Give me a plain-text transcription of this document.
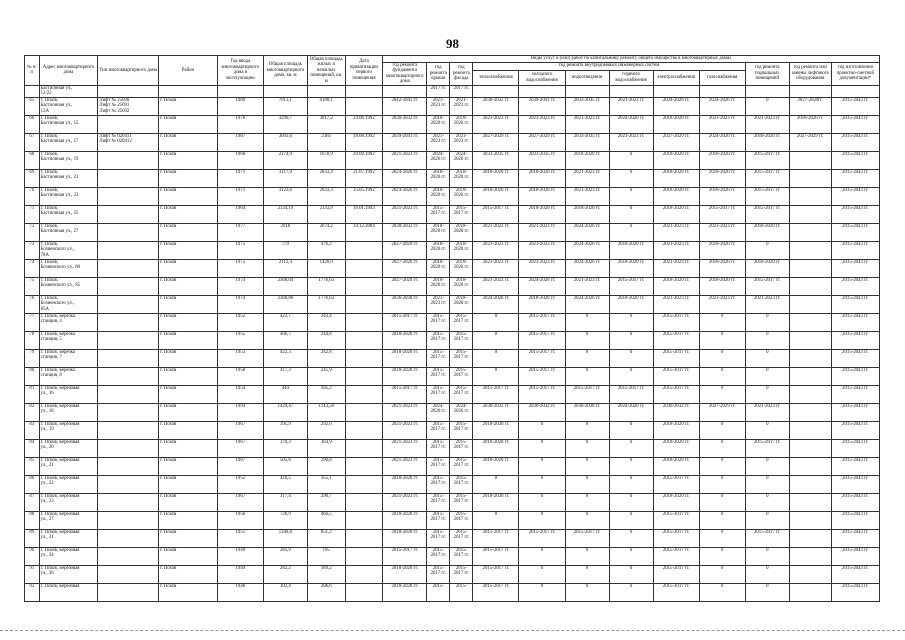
98
№ п/п	Адрес многоквартирного дома	Тип многоквартирного дома	Район	Год ввода многоквартирного дома в эксплуатацию	Общая площадь многоквартирного дома, кв. м	Общая площадь жилых и нежилых помещений, кв. м	Дата приватизации первого помещения	Виды услуг и (или) работ по капитальному ремонту общего имущества в многоквартирных домах											
								год ремонта фундамента многоквартирного дома	год ремонта крыши	год ремонта фасада	год ремонта внутридомовых инженерных систем						год ремонта подвальных помещений	год ремонта или замены лифтового оборудования	год изготовления проектно-сметной документации*
											теплоснабжения	холодного водоснабжения	водоотведения	горячего водоснабжения	электроснабжения	газоснабжения			

	Бастионная ул.,
12/22								2017 гг.	2017 гг.									
65	г. Псков,
Бастионная ул.,
13А	Лифт № 25690
Лифт № 25691
Лифт № 25692	г. Псков	1989	7013,1	6180,1		2042-2043 гг.	2021-2023 гг.	2021-2023 гг.	2030-2032 гг.	2039-2041 гг.	2033-2035 гг.	2021-2023 гг.	2024-2026 гг.	2024-2026 гг.	0	2027-2029гг.	2015-2043 гг.
66	г. Псков,
Бастионная ул., 15		г. Псков	1976	3290,7	3017,2	24.06.1992	2030-2032 гг.	2018-2020 гг.	2018-2020 гг.	2021-2023 гг.	2021-2023 гг.	2021-2023 гг.	2024-2026 гг.	2018-2020 гг.	2021-2023 гг.	2021-2023 гг.	2018-2020 гг.	2015-2043 гг.
67	г. Псков,
Бастионная ул., 17	Лифт № 020411
Лифт № 020412	г. Псков	1987	3692,6	2385	18.08.1992	2039-2041 гг.	2021-2023 гг.	2021-2023 гг.	2027-2029 гг.	2027-2029 гг.	2033-2035 гг.	2021-2023 гг.	2027-2029 гг.	2024-2026 гг.	2018-2020 гг.	2027-2029 гг.	2015-2043 гг.
68	г. Псков,
Бастионная ул., 19		г. Псков	1968	2274,9	1678,9	29.09.1992	2021-2023 гг.	2024-2026 гг.	2024-2026 гг.	2033-2035 гг.	2033-2035 гг.	2018-2020 гг.	0	2018-2020 гг.	2018-2020 гг.	2015-2017 гг.		2015-2043 гг.
69	г. Псков,
Бастионная ул., 21		г. Псков	1971	3117,9	2833,4	21.07.1992	2024-2026 гг.	2018-2020 гг.	2018-2020 гг.	2018-2020 гг.	2018-2020 гг.	2021-2023 гг.	0	2018-2020 гг.	2018-2020 гг.	2015-2017 гг.		2015-2043 гг.
70	г. Псков,
Бастионная ул., 23		г. Псков	1971	3122,6	2833,3	25.05.1992	2024-2026 гг.	2018-2020 гг.	2018-2020 гг.	2018-2020 гг.	2018-2020 гг.	2021-2023 гг.	0	2018-2020 гг.	2018-2020 гг.	2015-2017 гг.		2015-2043 гг.
71	г. Псков,
Бастионная ул., 25		г. Псков	1964	2134,19	2133,8	16.01.1993	2021-2023 гг.	2015-2017 гг.	2015-2017 гг.	2015-2017 гг.	2018-2020 гг.	2018-2020 гг.	0	2018-2020 гг.	2015-2017 гг.	2015-2017 гг.		2015-2043 гг.
72	г. Псков,
Бастионная ул., 27		г. Псков	1977	2918	2674,2	14.12.2004	2030-2032 гг.	2018-2020 гг.	2018-2020 гг.	2021-2023 гг.	2021-2023 гг.	2024-2026 гг.	0	2021-2023 гг.	2021-2023 гг.	2018-2020 гг.		2015-2043 гг.
73	г. Псков,
Бозиенского ул.,
78А		г. Псков	1975	779	476,2		2027-2029 гг.	2018-2020 гг.	2018-2020 гг.	2021-2023 гг.	2021-2023 гг.	2024-2026 гг.	2018-2020 гг.	2021-2023 гг.	2018-2020 гг.	0		2015-2043 гг.
74	г. Псков,
Бозиенского ул., 80		г. Псков	1975	2112,4	1420,6		2027-2029 гг.	2018-2020 гг.	2018-2020 гг.	2021-2023 гг.	2021-2023 гг.	2024-2026 гг.	2018-2020 гг.	2021-2023 гг.	2018-2020 гг.	2018-2020 гг.		2015-2043 гг.
75	г. Псков,
Бозиенского ул., 85		г. Псков	1974	2368,84	1776,63		2027-2029 гг.	2018-2020 гг.	2018-2020 гг.	2021-2023 гг.	2024-2026 гг.	2021-2023 гг.	2015-2017 гг.	2018-2020 гг.	2018-2020 гг.	2015-2017 гг.		2015-2043 гг.
76	г. Псков,
Бозиенского ул.,
85А		г. Псков	1974	2368,86	1776,63		2036-2038 гг.	2021-2023 гг.	2018-2020 гг.	2024-2026 гг.	2018-2020 гг.	2024-2026 гг.	2018-2020 гг.	2021-2023 гг.	2021-2023 гг.	2021-2023 гг.		2015-2043 гг.
77	г. Псков, Березка
станция, 4		г. Псков	1952	422,7	243,4		2015-2017 гг.	2015-2017 гг.	2015-2017 гг.	0	2015-2017 гг.	0	0	2015-2017 гг.	0	0		2015-2043 гг.
78	г. Псков, Березка
станция, 5		г. Псков	1955	406,7	244,8		2018-2020 гг.	2015-2017 гг.	2015-2017 гг.	0	2015-2017 гг.	0	0	2015-2017 гг.	0	0		2015-2043 гг.
79	г. Псков, Березка
станция, 7		г. Псков	1953	422,3	242,8		2018-2020 гг.	2015-2017 гг.	2015-2017 гг.	0	2015-2017 гг.	0	0	2015-2017 гг.	0	0		2015-2043 гг.
80	г. Псков, Березка
станция, 8		г. Псков	1958	417,3	245,9		2018-2020 гг.	2015-2017 гг.	2015-2017 гг.	0	2015-2017 гг.	0	0	2015-2017 гг.	0	0		2015-2043 гг.
81	г. Псков, Березовая
ул., 16		г. Псков	1954	444	395,2		2015-2017 гг.	2015-2017 гг.	2015-2017 гг.	2015-2017 гг.	2015-2017 гг.	2015-2017 гг.	2015-2017 гг.	2015-2017 гг.	0	0		2015-2043 гг.
82	г. Псков, Березовая
ул., 18		г. Псков	1994	1429,47	1143,58		2021-2023 гг.	2024-2026 гг.	2024-2026 гг.	2030-2032 гг.	2030-2032 гг.	2036-2038 гг.	2024-2026 гг.	2030-2032 гг.	2027-2029 гг.	2021-2023 гг.		2015-2043 гг.
83	г. Псков, Березовая
ул., 19		г. Псков	1967	395,9	292,6		2021-2023 гг.	2015-2017 гг.	2015-2017 гг.	2018-2020 гг.	0	0	0	2018-2020 гг.	0	0		2015-2043 гг.
84	г. Псков, Березовая
ул., 20		г. Псков	1967	379,3	364,9		2021-2023 гг.	2015-2017 гг.	2015-2017 гг.	2018-2020 гг.	0	0	0	2018-2020 гг.	0	2015-2017 гг.		2015-2043 гг.
85	г. Псков, Березовая
ул., 21		г. Псков	1967	505,6	290,8		2021-2023 гг.	2015-2017 гг.	2015-2017 гг.	2018-2020 гг.	0	0	0	2018-2020 гг.	0	0		2015-2043 гг.
86	г. Псков, Березовая
ул., 22		г. Псков	1952	418,5	355,1		2018-2020 гг.	2015-2017 гг.	2015-2017 гг.	0	0	0	0	2015-2017 гг.	0	0		2015-2043 гг.
87	г. Псков, Березовая
ул., 23		г. Псков	1967	317,4	296,7		2021-2023 гг.	2015-2017 гг.	2015-2017 гг.	2018-2020 гг.	0	0	0	2018-2020 гг.	0	0		2015-2043 гг.
88	г. Псков, Березовая
ул., 27		г. Псков	1956	726,9	466,5		2018-2020 гг.	2015-2017 гг.	2015-2017 гг.	0	0	0	0	2015-2017 гг.	0	0		2015-2043 гг.
89	г. Псков, Березовая
ул., 31		г. Псков	1951	1348,8	851,2		2018-2020 гг.	2015-2017 гг.	2015-2017 гг.	2015-2017 гг.	2015-2017 гг.	2015-2017 гг.	0	2015-2017 гг.	0	2015-2017 гг.		2015-2043 гг.
90	г. Псков, Березовая
ул., 34		г. Псков	1949	285,9	195		2015-2017 гг.	2015-2017 гг.	2015-2017 гг.	2015-2017 гг.	0	0	0	2015-2017 гг.	0	0		2015-2043 гг.
91	г. Псков, Березовая
ул., 36		г. Псков	1949	282,2	189,2		2018-2020 гг.	2015-2017 гг.	2015-2017 гг.	2015-2017 гг.	0	0	0	2015-2017 гг.	0	0		2015-2043 гг.
92	г. Псков, Березовая		г. Псков	1946	302,4	206,6		2018-2020 гг.	2015-	2015-	2015-2017 гг.	0	0	0	2015-2017 гг.	0	0		2015-2043 гг.
